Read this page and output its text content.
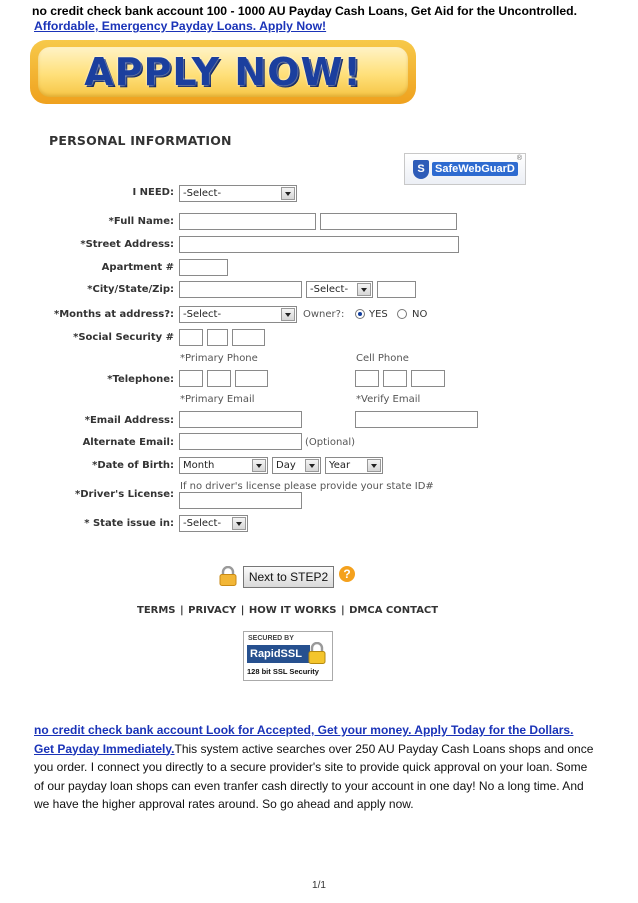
no credit check bank account 100 - 1000 AU Payday Cash Loans, Get Aid for the Uncontrolled.
Affordable, Emergency Payday Loans. Apply Now!
APPLY NOW!
PERSONAL INFORMATION
S SafeWebGuarD
®
I NEED: -Select-
*Full Name:
*Street Address:
Apartment #
*City/State/Zip:	-Select-
*Months at address?: -Select-	Owner?: YES NO
*Social Security #
*Primary Phone	Cell Phone
*Telephone:
*Primary Email	*Verify Email
*Email Address:
Alternate Email:	(Optional)
*Date of Birth: Month	Day	Year
If no driver's license please provide your state ID#
*Driver's License:
* State issue in: -Select-
Next to STEP2	?
TERMS | PRIVACY | HOW IT WORKS | DMCA CONTACT
SECURED BY
RapidSSL
128 bit SSL Security
no credit check bank account Look for Accepted, Get your money. Apply Today for the Dollars. Get Payday Immediately.This system active searches over 250 AU Payday Cash Loans shops and once you order. I connect you directly to a secure provider's site to provide quick approval on your loan. Some of our payday loan shops can even tranfer cash directly to your account in one day! No a long time. And we have the higher approval rates around. So go ahead and apply now.
1/1
